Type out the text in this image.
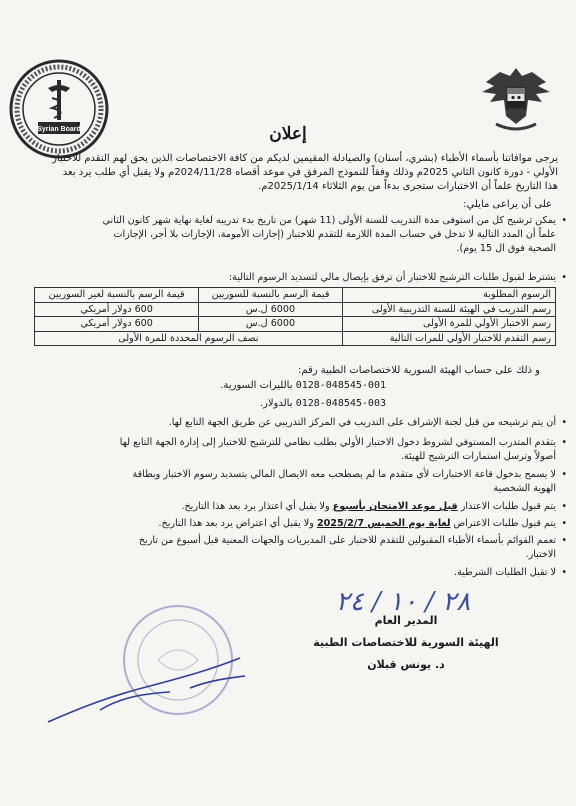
Syrian Board	إعلان
يرجى موافاتنا بأسماء الأطباء (بشري، أسنان) والصيادلة المقيمين لديكم من كافة الاختصاصات الذين يحق لهم التقدم للاختبار
الأولي - دورة كانون الثاني 2025م وذلك وفقاً للنموذج المرفق في موعد أقصاه 2024/11/28م ولا يقبل أي طلب يرد بعد
هذا التاريخ علماً أن الاختبارات ستجرى بدءاً من يوم الثلاثاء 2025/1/14م.
على أن يراعى مايلي:
• يمكن ترشيح كل من استوفى مدة التدريب للسنة الأولى (11 شهر) من تاريخ بدء تدريبه لغاية نهاية شهر كانون الثاني
علماً أن المدد التالية لا تدخل في حساب المدة اللازمة للتقدم للاختبار (إجازات الأمومة، الإجازات بلا أجر، الإجازات
الصحية فوق ال 15 يوم).
• يشترط لقبول طلبات الترشيح للاختبار أن ترفق بإيصال مالي لتسديد الرسوم التالية:
الرسوم المطلوبة	قيمة الرسم بالنسبة للسوريين	قيمة الرسم بالنسبة لغير السوريين
رسم التدريب في الهيئة للسنة التدريبية الأولى	6000 ل.س	600 دولار أمريكي
رسم الاختبار الأولي للمرة الأولى	6000 ل.س	600 دولار أمريكي
رسم التقدم للاختبار الأولي للمرات التالية	نصف الرسوم المحددة للمرة الأولى	
و ذلك على حساب الهيئة السورية للاختصاصات الطبية رقم:
0128-048545-001 بالليرات السورية.
0128-048545-003 بالدولار.
• أن يتم ترشيحه من قبل لجنة الإشراف على التدريب في المركز التدريبي عن طريق الجهة التابع لها.
• يتقدم المتدرب المستوفي لشروط دخول الاختبار الأولي بطلب نظامي للترشيح للاختبار إلى إدارة الجهة التابع لها
أصولاً وترسل استمارات الترشيح للهيئة.
• لا يسمح بدخول قاعة الاختبارات لأي متقدم ما لم يصطحب معه الايصال المالي بتسديد رسوم الاختبار وبطاقة
الهوية الشخصية
• يتم قبول طلبات الاعتذار قبل موعد الامتحان بأسبوع ولا يقبل أي اعتذار يرد بعد هذا التاريخ.
• يتم قبول طلبات الاعتراض لغاية يوم الخميس 2025/2/7 ولا يقبل أي اعتراض يرد بعد هذا التاريخ.
• تعمم القوائم بأسماء الأطباء المقبولين للتقدم للاختبار على المديريات والجهات المعنية قبل أسبوع من تاريخ
الاختبار.
• لا تقبل الطلبات الشرطية.
٢٨ / ١٠ / ٢٤
المدير العام
الهيئة السورية للاختصاصات الطبية
د. يونس قبلان
